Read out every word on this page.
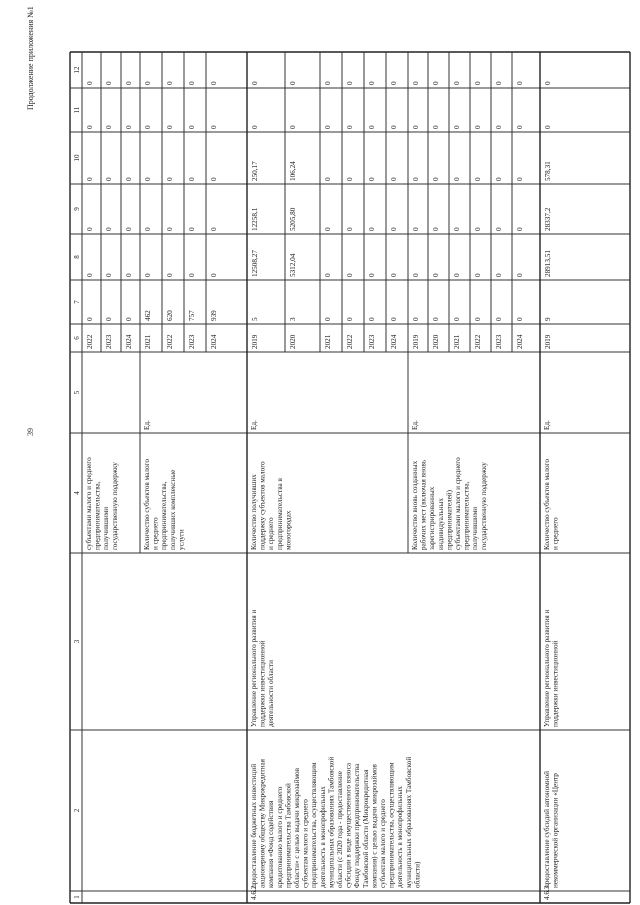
39
Продолжение приложения №1
1
2
3
4
5
6
7
8
9
10
11
12
субъектами малого и среднего предпринимательства, получившими государственную поддержку	Количество субъектов малого и среднего предпринимательства, получивших комплексные услуги
Ед.
2022
0
0
0
0
0
0
2023
0
0
0
0
0
0
2024
0
0
0
0
0
0
2021
462
0
0
0
0
0
2022
620
0
0
0
0
0
2023
757
0
0
0
0
0
2024
939
0
0
0
0
0
Количество получивших поддержку субъектов малого и среднего предпринимательства в моногородах
Ед.
Количество вновь созданных рабочих мест (включая вновь зарегистрированных индивидуальных предпринимателей) субъектами малого и среднего предпринимательства, получившими государственную поддержку
Ед.
предоставление бюджетных инвестиций акционерному обществу Микрокредитная компания «Фонд содействия кредитованию малого и среднего предпринимательства Тамбовской области» с целью выдачи микрозаймов субъектам малого и среднего предпринимательства, осуществляющим деятельность в монопрофильных муниципальных образованиях Тамбовской области (с 2020 года - предоставление субсидии в виде имущественного взноса Фонду поддержки предпринимательства Тамбовской области (Микрокредитная компания) с целью выдачи микрозаймов субъектам малого и среднего предпринимательства, осуществляющим деятельность в монопрофильных муниципальных образованиях Тамбовской области)
Управление регионального развития и поддержки инвестиционной деятельности области
4.6.2.
2019
5
12508,27
12258,1
250,17
0
0
2020
3
5312,04
5205,80
106,24
0
0
2021
0
0
0
0
0
0
2022
0
0
0
0
0
0
2023
0
0
0
0
0
0
2024
0
0
0
0
0
0
2019
0
0
0
0
0
0
2020
0
0
0
0
0
0
2021
0
0
0
0
0
0
2022
0
0
0
0
0
0
2023
0
0
0
0
0
0
2024
0
0
0
0
0
0
Количество субъектов малого и среднего
Ед.
предоставление субсидий автономной некоммерческой организации «Центр
Управление регионального развития и поддержки инвестиционной
4.6.3.
2019
9
28913,51
28337,2
578,31
0
0
